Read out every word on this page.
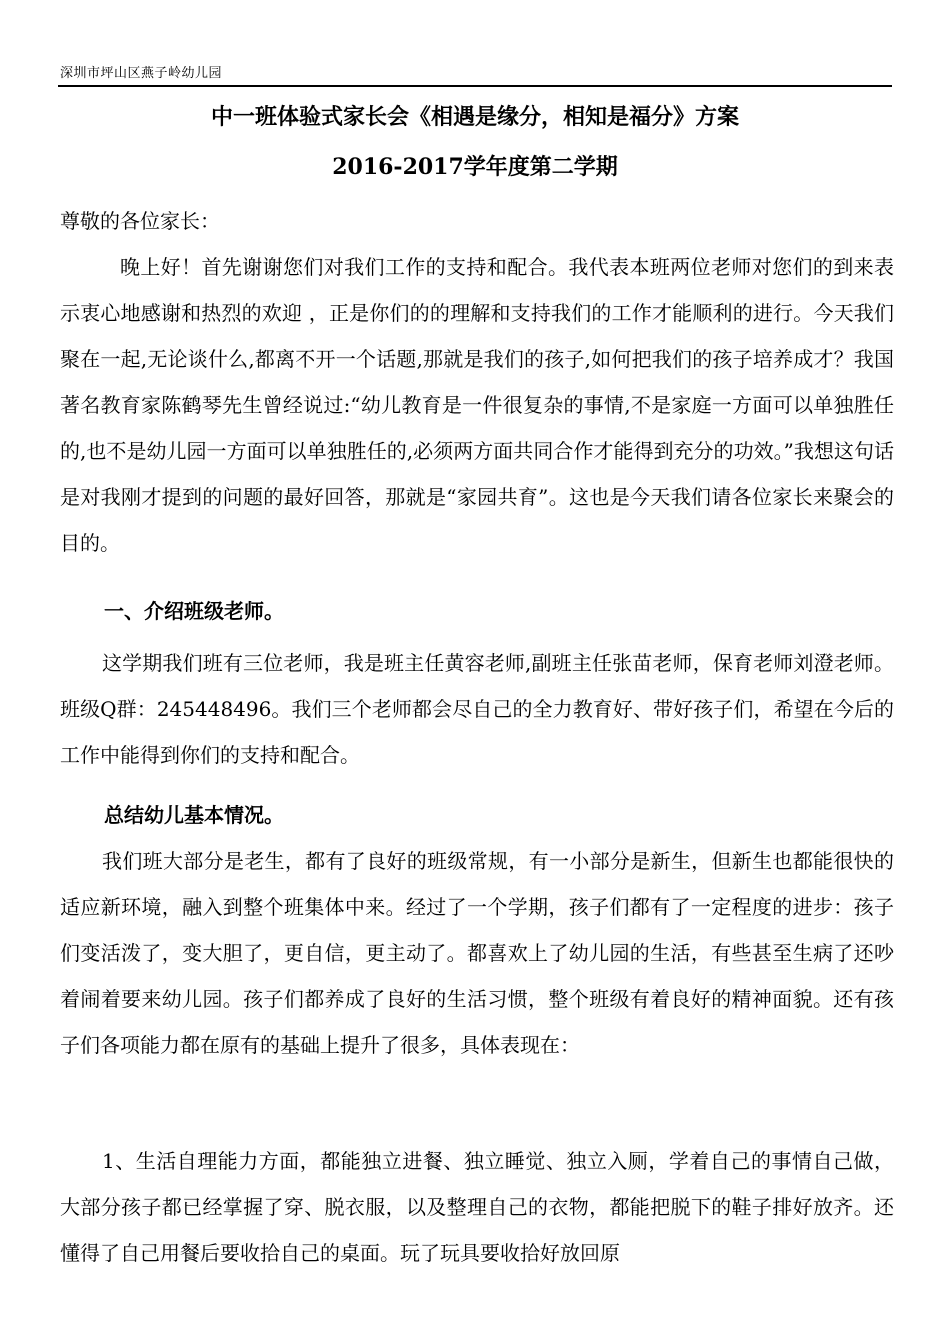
深圳市坪山区燕子岭幼儿园
中一班体验式家长会《相遇是缘分，相知是福分》方案
2016-2017学年度第二学期
尊敬的各位家长：
晚上好！首先谢谢您们对我们工作的支持和配合。我代表本班两位老师对您们的到来表示衷心地感谢和热烈的欢迎 ，正是你们的的理解和支持我们的工作才能顺利的进行。今天我们聚在一起,无论谈什么,都离不开一个话题,那就是我们的孩子,如何把我们的孩子培养成才？我国著名教育家陈鹤琴先生曾经说过:“幼儿教育是一件很复杂的事情,不是家庭一方面可以单独胜任的,也不是幼儿园一方面可以单独胜任的,必须两方面共同合作才能得到充分的功效。”我想这句话是对我刚才提到的问题的最好回答，那就是“家园共育”。这也是今天我们请各位家长来聚会的目的。
一、介绍班级老师。
这学期我们班有三位老师，我是班主任黄容老师,副班主任张苗老师，保育老师刘澄老师。班级Q群：245448496。我们三个老师都会尽自己的全力教育好、带好孩子们，希望在今后的工作中能得到你们的支持和配合。
总结幼儿基本情况。
我们班大部分是老生，都有了良好的班级常规，有一小部分是新生，但新生也都能很快的适应新环境，融入到整个班集体中来。经过了一个学期，孩子们都有了一定程度的进步：孩子们变活泼了，变大胆了，更自信，更主动了。都喜欢上了幼儿园的生活，有些甚至生病了还吵着闹着要来幼儿园。孩子们都养成了良好的生活习惯，整个班级有着良好的精神面貌。还有孩子们各项能力都在原有的基础上提升了很多，具体表现在：
1、生活自理能力方面，都能独立进餐、独立睡觉、独立入厕，学着自己的事情自己做，大部分孩子都已经掌握了穿、脱衣服，以及整理自己的衣物，都能把脱下的鞋子排好放齐。还懂得了自己用餐后要收拾自己的桌面。玩了玩具要收拾好放回原
